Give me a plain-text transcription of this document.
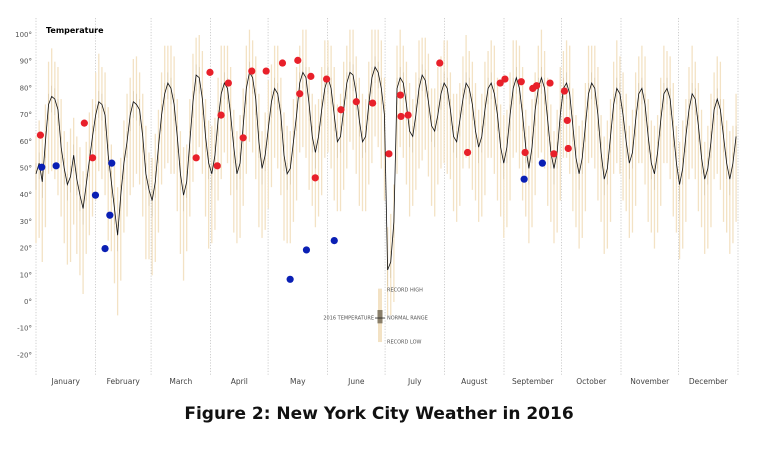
-20°
-10°
0°
10°
20°
30°
40°
50°
60°
70°
80°
90°
100°
January	February	March	April	May	June	July	August	September	October	November	December
RECORD HIGH
NORMAL RANGE
RECORD LOW
2016 TEMPERATURE
Temperature
Figure 2: New York City Weather in 2016
